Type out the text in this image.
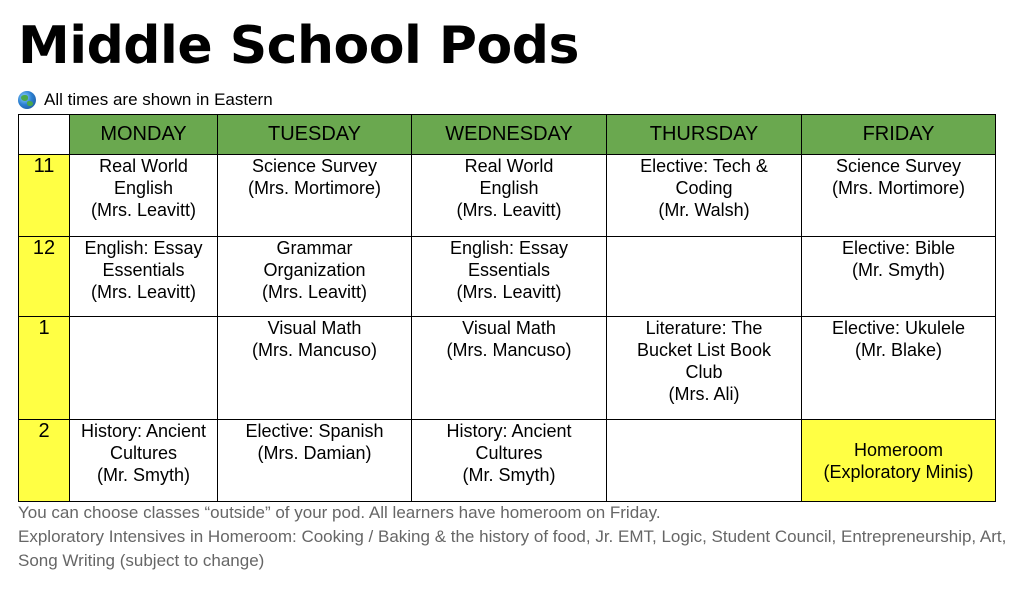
Middle School Pods
All times are shown in Eastern
	MONDAY	TUESDAY	WEDNESDAY	THURSDAY	FRIDAY
11	Real World
English
(Mrs. Leavitt)	Science Survey
(Mrs. Mortimore)	Real World
English
(Mrs. Leavitt)	Elective: Tech &
Coding
(Mr. Walsh)	Science Survey
(Mrs. Mortimore)

12	English: Essay
Essentials
(Mrs. Leavitt)	Grammar
Organization
(Mrs. Leavitt)	English: Essay
Essentials
(Mrs. Leavitt)		Elective: Bible
(Mr. Smyth)

1		Visual Math
(Mrs. Mancuso)	Visual Math
(Mrs. Mancuso)	Literature: The
Bucket List Book
Club
(Mrs. Ali)	Elective: Ukulele
(Mr. Blake)

2	History: Ancient
Cultures
(Mr. Smyth)	Elective: Spanish
(Mrs. Damian)	History: Ancient
Cultures
(Mr. Smyth)		Homeroom
(Exploratory Minis)

You can choose classes “outside” of your pod. All learners have homeroom on Friday.

Exploratory Intensives in Homeroom: Cooking / Baking & the history of food, Jr. EMT, Logic, Student Council, Entrepreneurship, Art, Song Writing (subject to change)
